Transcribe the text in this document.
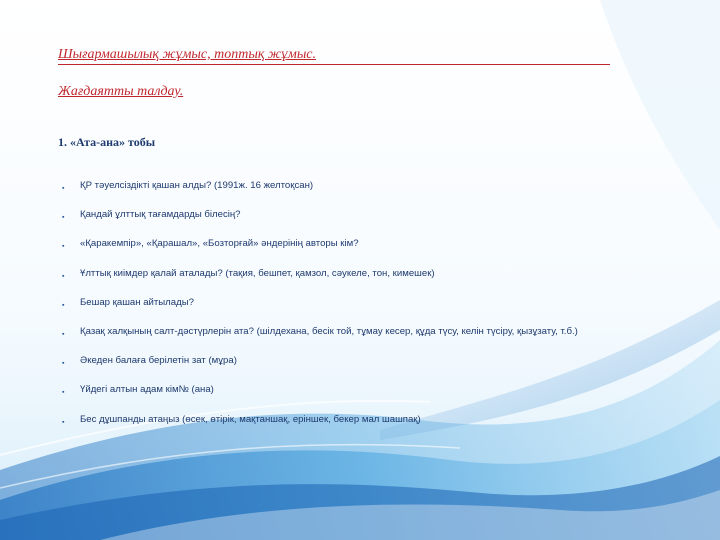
Шығармашылық жұмыс, топтық жұмыс.
Жағдаятты талдау.
1. «Ата-ана» тобы
▪ ҚР тәуелсіздікті қашан алды? (1991ж. 16 желтоқсан)
▪ Қандай ұлттық тағамдарды білесің?
▪ «Қаракемпір», «Қарашал», «Бозторғай» әндерінің авторы кім?
▪ Ұлттық киімдер қалай аталады? (тақия, бешпет, қамзол, сәукеле, тон, кимешек)
▪ Бешар қашан айтылады?
▪ Қазақ халқының салт-дәстүрлерін ата? (шілдехана, бесік той, тұмау кесер, құда түсу, келін түсіру, қызұзату, т.б.)
▪ Әкеден балаға берілетін зат (мұра)
▪ Үйдегі алтын адам кім№ (ана)
▪ Бес дұшпанды атаңыз (өсек, өтірік, мақтаншақ, еріншек, бекер мал шашпақ)
